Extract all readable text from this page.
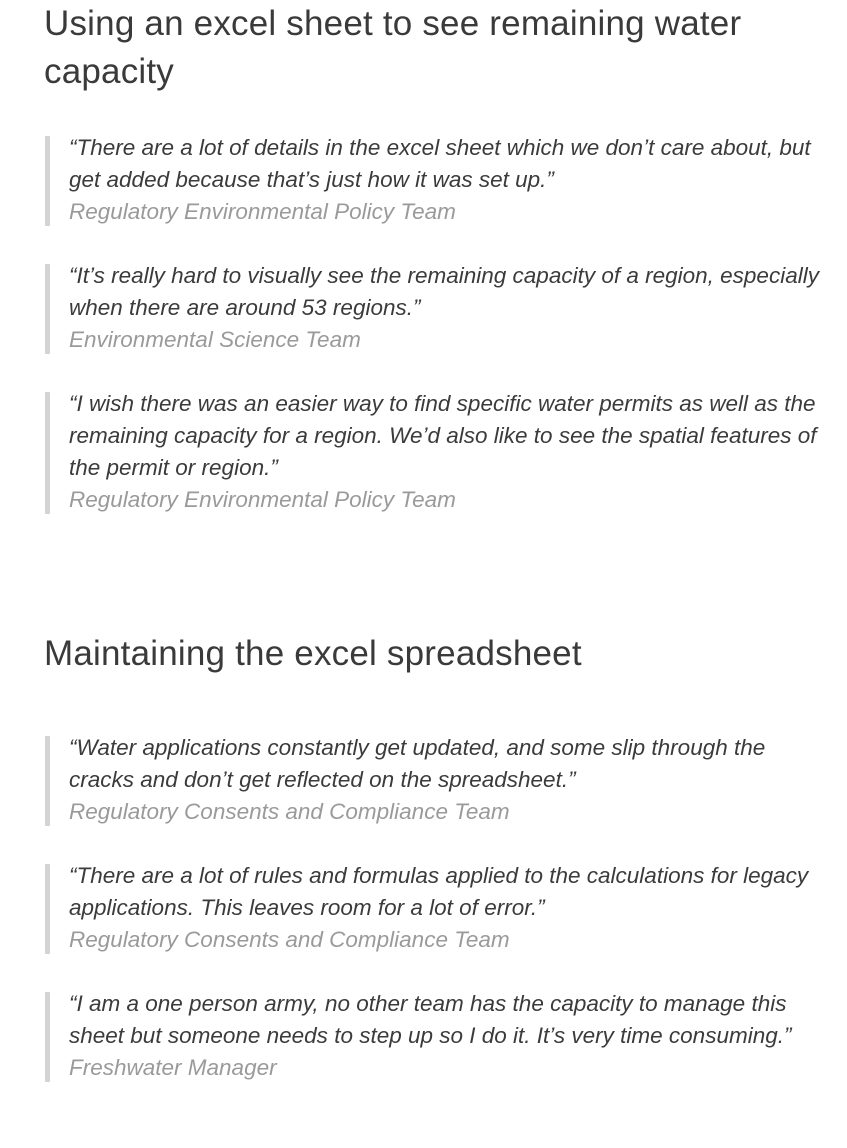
Using an excel sheet to see remaining water capacity

“There are a lot of details in the excel sheet which we don’t care about, but get added because that’s just how it was set up.”

Regulatory Environmental Policy Team

“It’s really hard to visually see the remaining capacity of a region, especially when there are around 53 regions.”

Environmental Science Team

“I wish there was an easier way to find specific water permits as well as the remaining capacity for a region. We’d also like to see the spatial features of the permit or region.”

Regulatory Environmental Policy Team

Maintaining the excel spreadsheet

“Water applications constantly get updated, and some slip through the cracks and don’t get reflected on the spreadsheet.”

Regulatory Consents and Compliance Team

“There are a lot of rules and formulas applied to the calculations for legacy applications. This leaves room for a lot of error.”

Regulatory Consents and Compliance Team

“I am a one person army, no other team has the capacity to manage this sheet but someone needs to step up so I do it. It’s very time consuming.”

Freshwater Manager
